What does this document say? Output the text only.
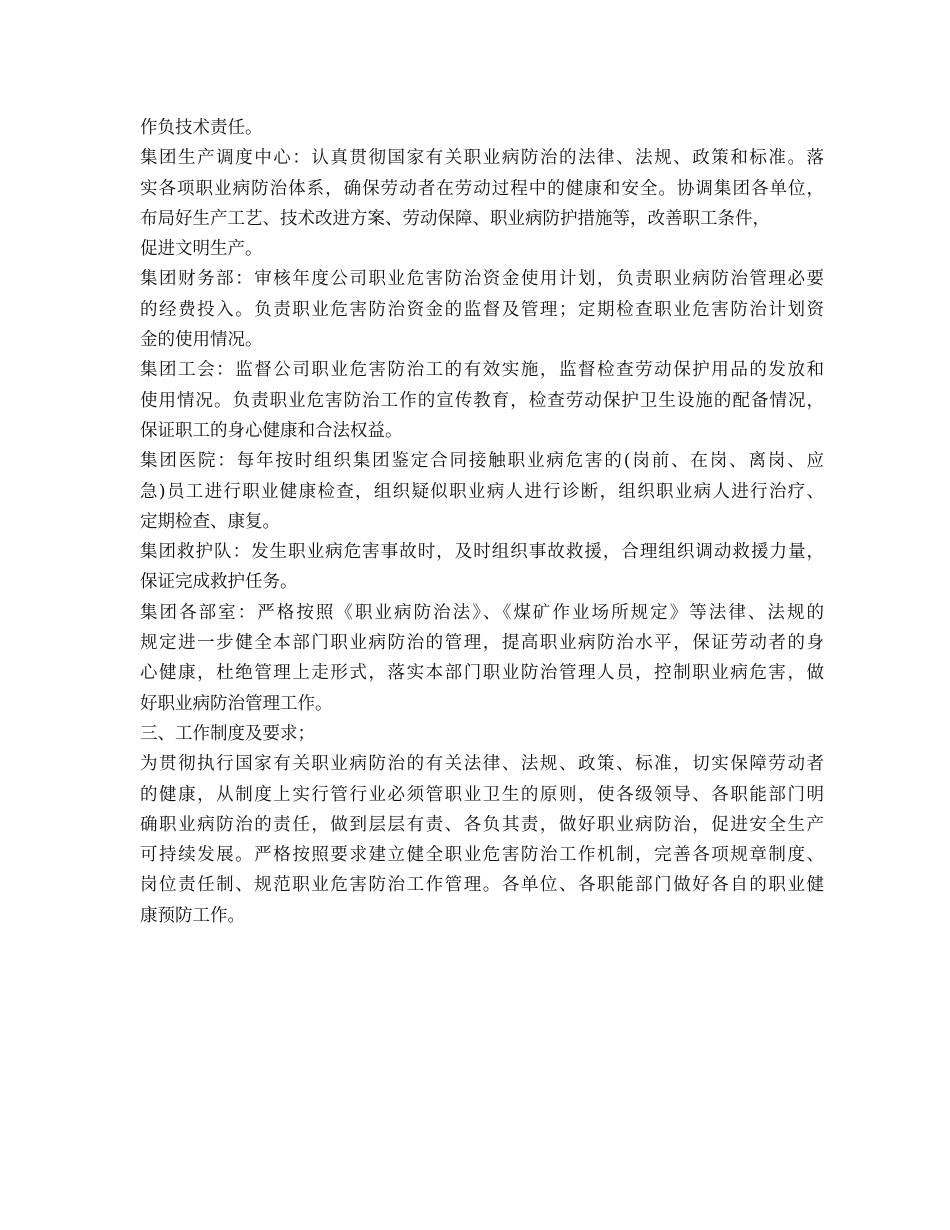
作负技术责任。
集团生产调度中心：认真贯彻国家有关职业病防治的法律、法规、政策和标准。落
实各项职业病防治体系，确保劳动者在劳动过程中的健康和安全。协调集团各单位，
布局好生产工艺、技术改进方案、劳动保障、职业病防护措施等，改善职工条件，
促进文明生产。
集团财务部：审核年度公司职业危害防治资金使用计划，负责职业病防治管理必要
的经费投入。负责职业危害防治资金的监督及管理；定期检查职业危害防治计划资
金的使用情况。
集团工会：监督公司职业危害防治工的有效实施，监督检查劳动保护用品的发放和
使用情况。负责职业危害防治工作的宣传教育，检查劳动保护卫生设施的配备情况，
保证职工的身心健康和合法权益。
集团医院：每年按时组织集团鉴定合同接触职业病危害的(岗前、在岗、离岗、应
急)员工进行职业健康检查，组织疑似职业病人进行诊断，组织职业病人进行治疗、
定期检查、康复。
集团救护队：发生职业病危害事故时，及时组织事故救援，合理组织调动救援力量，
保证完成救护任务。
集团各部室：严格按照《职业病防治法》、《煤矿作业场所规定》等法律、法规的
规定进一步健全本部门职业病防治的管理，提高职业病防治水平，保证劳动者的身
心健康，杜绝管理上走形式，落实本部门职业防治管理人员，控制职业病危害，做
好职业病防治管理工作。
三、工作制度及要求；
为贯彻执行国家有关职业病防治的有关法律、法规、政策、标准，切实保障劳动者
的健康，从制度上实行管行业必须管职业卫生的原则，使各级领导、各职能部门明
确职业病防治的责任，做到层层有责、各负其责，做好职业病防治，促进安全生产
可持续发展。严格按照要求建立健全职业危害防治工作机制，完善各项规章制度、
岗位责任制、规范职业危害防治工作管理。各单位、各职能部门做好各自的职业健
康预防工作。
